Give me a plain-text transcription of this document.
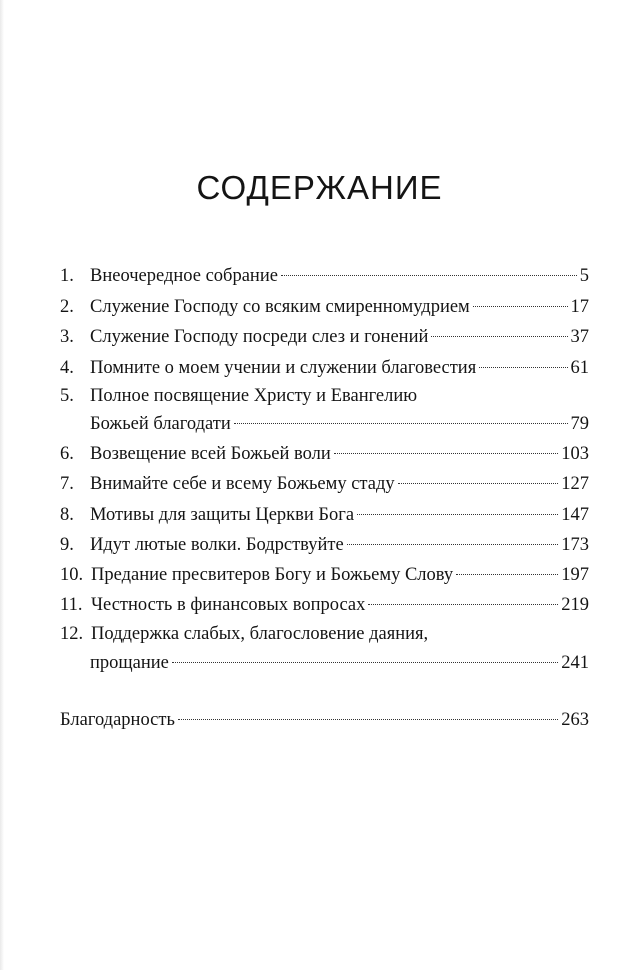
СОДЕРЖАНИЕ
1. Внеочередное собрание	5
2. Служение Господу со всяким смиренномудрием	17
3. Служение Господу посреди слез и гонений	37
4. Помните о моем учении и служении благовестия	61
5. Полное посвящение Христу и Евангелию
Божьей благодати	79
6. Возвещение всей Божьей воли	103
7. Внимайте себе и всему Божьему стаду	127
8. Мотивы для защиты Церкви Бога	147
9. Идут лютые волки. Бодрствуйте	173
10. Предание пресвитеров Богу и Божьему Слову	197
11. Честность в финансовых вопросах	219
12. Поддержка слабых, благословение даяния,
прощание	241
Благодарность	263
